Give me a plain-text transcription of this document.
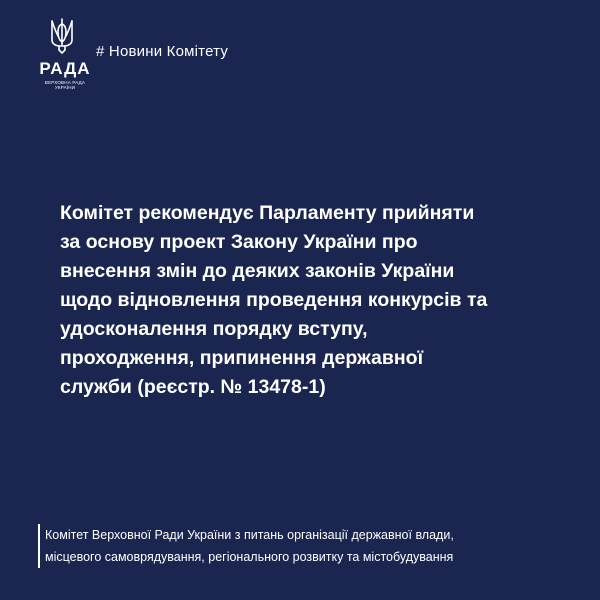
РАДА
ВЕРХОВНА РАДА
УКРАЇНИ
# Новини Комітету
Комітет рекомендує Парламенту прийняти
за основу проект Закону України про
внесення змін до деяких законів України
щодо відновлення проведення конкурсів та
удосконалення порядку вступу,
проходження, припинення державної
служби (реєстр. № 13478-1)
Комітет Верховної Ради України з питань організації державної влади,
місцевого самоврядування, регіонального розвитку та містобудування
